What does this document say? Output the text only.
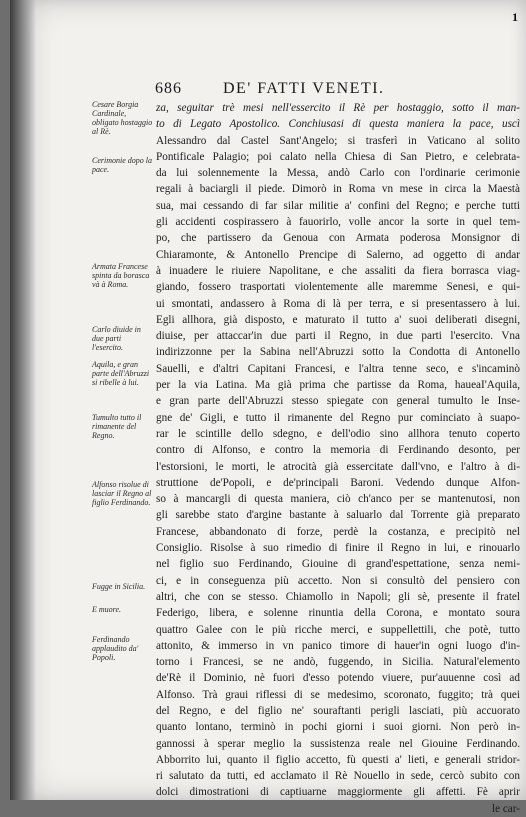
1
686	DE' FATTI VENETI.
Cesare Borgia Cardinale, obligato hostaggio al Rè.
Cerimonie dopo la pace.
Armata Francese spinta da borasca và à Roma.
Carlo diuide in due parti l'esercito.
Aquila, e gran parte dell'Abruzzi si ribelle à lui.
Tumulto tutto il rimanente del Regno.
Alfonso risolue di lasciar il Regno al figlio Ferdinando.
Fugge in Sicilia.
E muore.
Ferdinando applaudito da' Popoli.
za, seguitar trè mesi nell'essercito il Rè per hostaggio, sotto il man-
to di Legato Apostolico. Conchiusasi di questa maniera la pace, uscì
Alessandro dal Castel Sant'Angelo; si trasferì in Vaticano al solito
Pontificale Palagio; poi calato nella Chiesa di San Pietro, e celebrata-
da lui solennemente la Messa, andò Carlo con l'ordinarie cerimonie
regali à baciargli il piede. Dimorò in Roma vn mese in circa la Maestà
sua, mai cessando di far silar militie a' confini del Regno; e perche tutti
gli accidenti cospirassero à fauorirlo, volle ancor la sorte in quel tem-
po, che partissero da Genoua con Armata poderosa Monsignor di
Chiaramonte, & Antonello Prencipe di Salerno, ad oggetto di andar
à inuadere le riuiere Napolitane, e che assaliti da fiera borrasca viag-
giando, fossero trasportati violentemente alle maremme Senesi, e qui-
ui smontati, andassero à Roma di là per terra, e si presentassero à lui.
Egli allhora, già disposto, e maturato il tutto a' suoi deliberati disegni,
diuise, per attaccar'in due parti il Regno, in due parti l'esercito. Vna
indirizzonne per la Sabina nell'Abruzzi sotto la Condotta di Antonello
Sauelli, e d'altri Capitani Francesi, e l'altra tenne seco, e s'incaminò
per la via Latina. Ma già prima che partisse da Roma, haueaI'Aquila,
e gran parte dell'Abruzzi stesso spiegate con general tumulto le Inse-
gne de' Gigli, e tutto il rimanente del Regno pur cominciato à suapo-
rar le scintille dello sdegno, e dell'odio sino allhora tenuto coperto
contro di Alfonso, e contro la memoria di Ferdinando desonto, per
l'estorsioni, le morti, le atrocità già essercitate dall'vno, e l'altro à di-
struttione de'Popoli, e de'principali Baroni. Vedendo dunque Alfon-
so à mancargli di questa maniera, ciò ch'anco per se mantenutosi, non
gli sarebbe stato d'argine bastante à saluarlo dal Torrente già preparato
Francese, abbandonato di forze, perdè la costanza, e precipitò nel
Consiglio. Risolse à suo rimedio di finire il Regno in lui, e rinouarlo
nel figlio suo Ferdinando, Giouine di grand'espettatione, senza nemi-
ci, e in conseguenza più accetto. Non si consultò del pensiero con
altri, che con se stesso. Chiamollo in Napoli; gli sè, presente il fratel
Federigo, libera, e solenne rinuntia della Corona, e montato soura
quattro Galee con le più ricche merci, e suppellettili, che potè, tutto
attonito, & immerso in vn panico timore di hauer'in ogni luogo d'in-
torno i Francesi, se ne andò, fuggendo, in Sicilia. Natural'elemento
de'Rè il Dominio, nè fuori d'esso potendo viuere, pur'auuenne così ad
Alfonso. Trà graui riflessi di se medesimo, scoronato, fuggito; trà quei
del Regno, e del figlio ne' souraftanti perigli lasciati, più accuorato
quanto lontano, terminò in pochi giorni i suoi giorni. Non però in-
gannossi à sperar meglio la sussistenza reale nel Giouine Ferdinando.
Abborrito lui, quanto il figlio accetto, fù questi a' lieti, e generali stridor-
ri salutato da tutti, ed acclamato il Rè Nouello in sede, cercò subito con
dolci dimostrationi di captiuarne maggiormente gli affetti. Fè aprir
le car-
